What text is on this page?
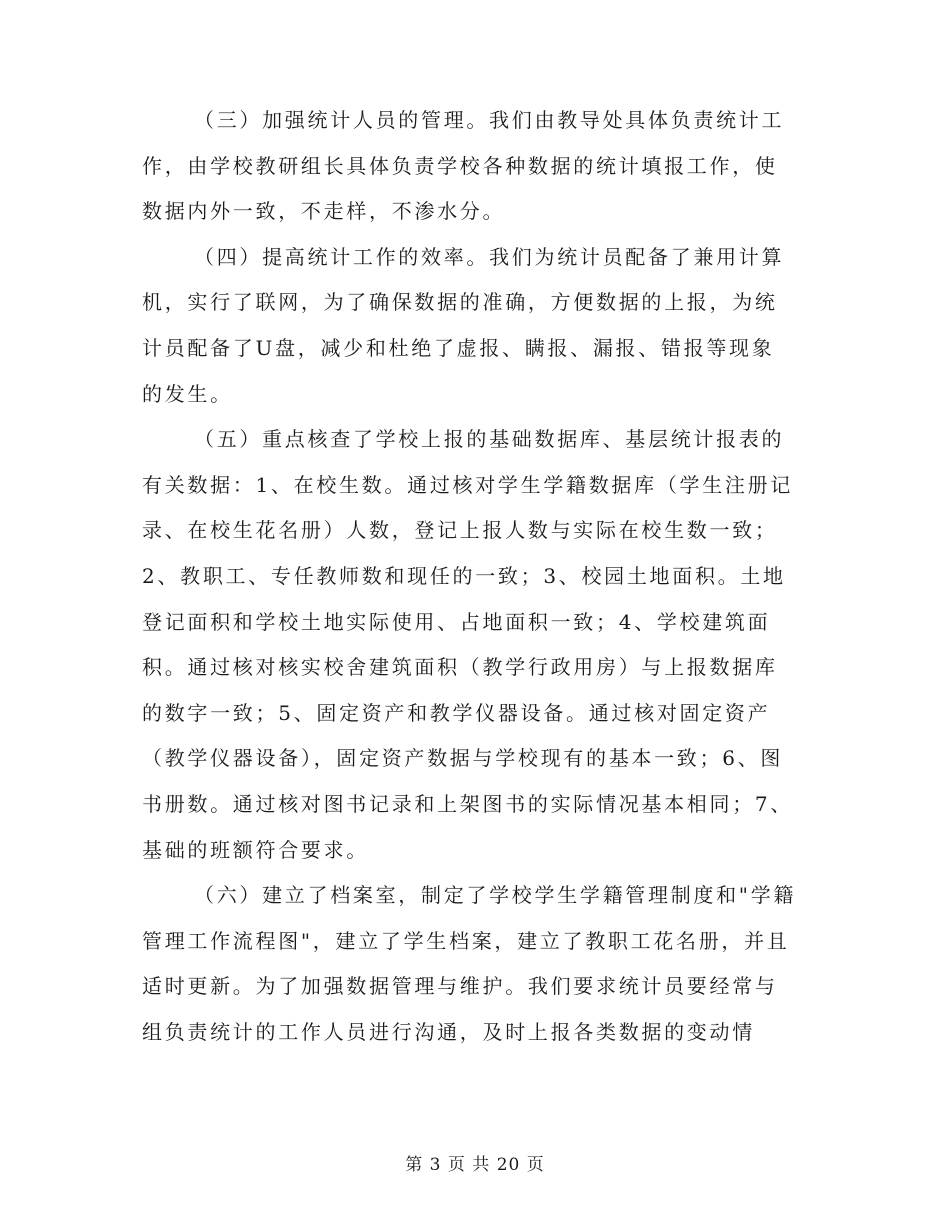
（三）加强统计人员的管理。我们由教导处具体负责统计工
作，由学校教研组长具体负责学校各种数据的统计填报工作，使
数据内外一致，不走样，不渗水分。
（四）提高统计工作的效率。我们为统计员配备了兼用计算
机，实行了联网，为了确保数据的准确，方便数据的上报，为统
计员配备了U盘，减少和杜绝了虚报、瞒报、漏报、错报等现象
的发生。
（五）重点核查了学校上报的基础数据库、基层统计报表的
有关数据：1、在校生数。通过核对学生学籍数据库（学生注册记
录、在校生花名册）人数，登记上报人数与实际在校生数一致；
2、教职工、专任教师数和现任的一致；3、校园土地面积。土地
登记面积和学校土地实际使用、占地面积一致；4、学校建筑面
积。通过核对核实校舍建筑面积（教学行政用房）与上报数据库
的数字一致；5、固定资产和教学仪器设备。通过核对固定资产
（教学仪器设备），固定资产数据与学校现有的基本一致；6、图
书册数。通过核对图书记录和上架图书的实际情况基本相同；7、
基础的班额符合要求。
（六）建立了档案室，制定了学校学生学籍管理制度和"学籍
管理工作流程图"，建立了学生档案，建立了教职工花名册，并且
适时更新。为了加强数据管理与维护。我们要求统计员要经常与
组负责统计的工作人员进行沟通，及时上报各类数据的变动情
第 3 页 共 20 页
